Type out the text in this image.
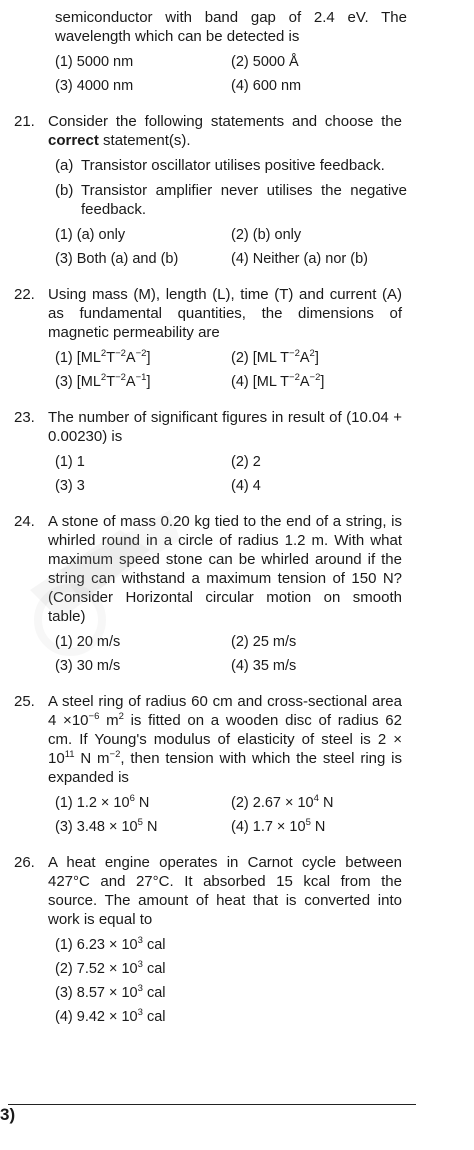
semiconductor with band gap of 2.4 eV. The wavelength which can be detected is
(1) 5000 nm	(2) 5000 Å
(3) 4000 nm	(4) 600 nm
21. Consider the following statements and choose the correct statement(s).
(a) Transistor oscillator utilises positive feedback.
(b) Transistor amplifier never utilises the negative feedback.
(1) (a) only	(2) (b) only
(3) Both (a) and (b)	(4) Neither (a) nor (b)
22. Using mass (M), length (L), time (T) and current (A) as fundamental quantities, the dimensions of magnetic permeability are
(1) $[ML^2T^{-2}A^{-2}]$	(2) [ML $T^{-2}A^2$]
(3) $[ML^2T^{-2}A^{-1}]$	(4) [ML $T^{-2}A^{-2}$]
23. The number of significant figures in result of (10.04 + 0.00230) is
(1) 1	(2) 2
(3) 3	(4) 4
24. A stone of mass 0.20 kg tied to the end of a string, is whirled round in a circle of radius 1.2 m. With what maximum speed stone can be whirled around if the string can withstand a maximum tension of 150 N? (Consider Horizontal circular motion on smooth table)
(1) 20 m/s	(2) 25 m/s
(3) 30 m/s	(4) 35 m/s
25. A steel ring of radius 60 cm and cross-sectional area $4 \times 10^{-6}$ $m^2$ is fitted on a wooden disc of radius 62 cm. If Young's modulus of elasticity of steel is $2 \times 10^{11}$ N $m^{-2}$, then tension with which the steel ring is expanded is
(1) $1.2 \times 10^6$ N	(2) $2.67 \times 10^4$ N
(3) $3.48 \times 10^5$ N	(4) $1.7 \times 10^5$ N
26. A heat engine operates in Carnot cycle between 427°C and 27°C. It absorbed 15 kcal from the source. The amount of heat that is converted into work is equal to
(1) $6.23 \times 10^3$ cal
(2) $7.52 \times 10^3$ cal
(3) $8.57 \times 10^3$ cal
(4) $9.42 \times 10^3$ cal
3)
